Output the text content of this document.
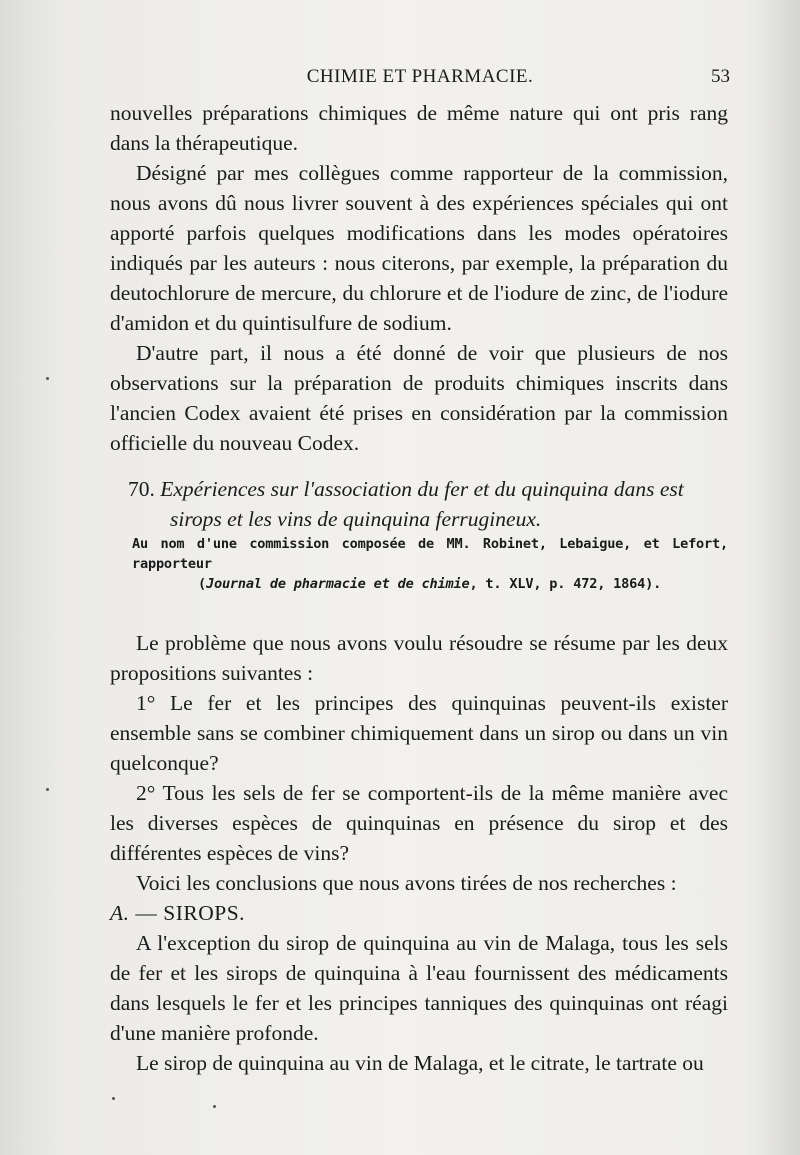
CHIMIE ET PHARMACIE.	53

nouvelles préparations chimiques de même nature qui ont pris rang dans la thérapeutique.

Désigné par mes collègues comme rapporteur de la commission, nous avons dû nous livrer souvent à des expériences spéciales qui ont apporté parfois quelques modifications dans les modes opératoires indiqués par les auteurs : nous citerons, par exemple, la préparation du deutochlorure de mercure, du chlorure et de l'iodure de zinc, de l'iodure d'amidon et du quintisulfure de sodium.

D'autre part, il nous a été donné de voir que plusieurs de nos observations sur la préparation de produits chimiques inscrits dans l'ancien Codex avaient été prises en considération par la commission officielle du nouveau Codex.

70. Expériences sur l'association du fer et du quinquina dans est

sirops et les vins de quinquina ferrugineux.

Au nom d'une commission composée de MM. Robinet, Lebaigue, et Lefort, rapporteur

(Journal de pharmacie et de chimie, t. XLV, p. 472, 1864).

Le problème que nous avons voulu résoudre se résume par les deux propositions suivantes :

1° Le fer et les principes des quinquinas peuvent-ils exister ensemble sans se combiner chimiquement dans un sirop ou dans un vin quelconque?

2° Tous les sels de fer se comportent-ils de la même manière avec les diverses espèces de quinquinas en présence du sirop et des différentes espèces de vins?

Voici les conclusions que nous avons tirées de nos recherches :

A. — SIROPS.

A l'exception du sirop de quinquina au vin de Malaga, tous les sels de fer et les sirops de quinquina à l'eau fournissent des médicaments dans lesquels le fer et les principes tanniques des quinquinas ont réagi d'une manière profonde.

Le sirop de quinquina au vin de Malaga, et le citrate, le tartrate ou
